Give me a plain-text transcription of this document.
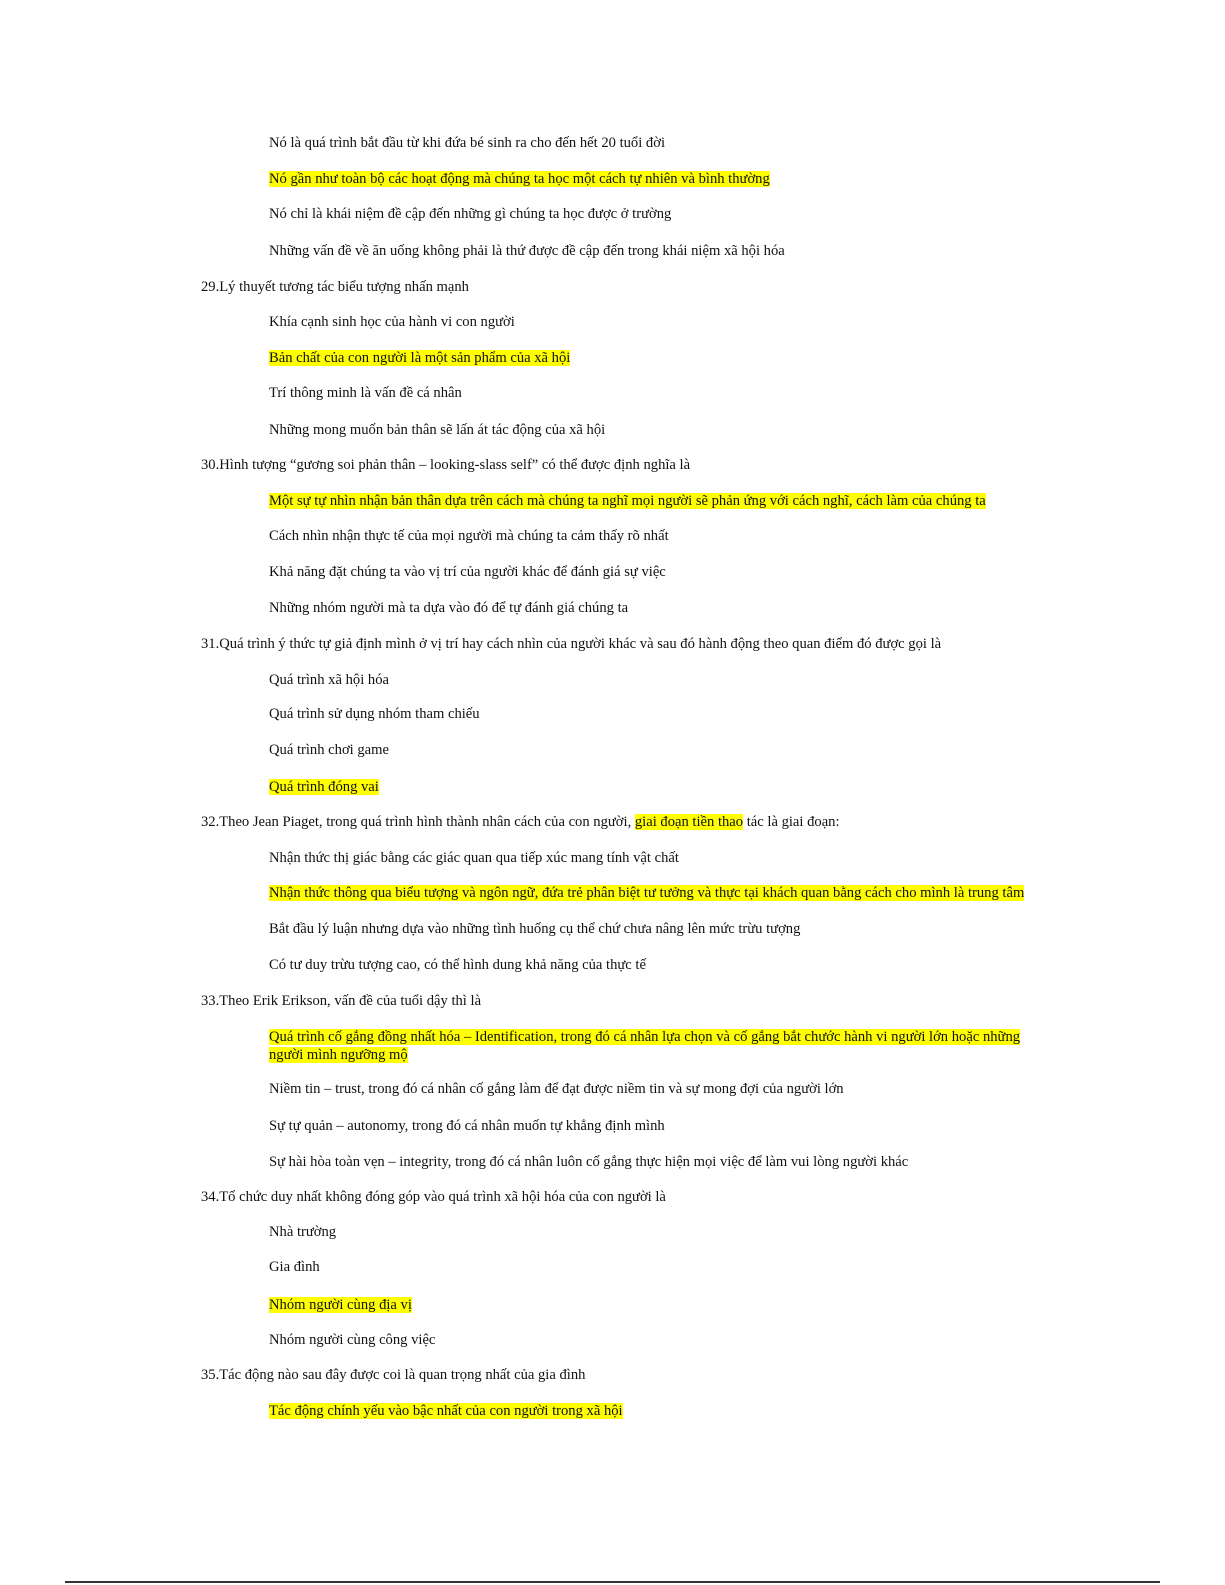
Nó là quá trình bắt đầu từ khi đứa bé sinh ra cho đến hết 20 tuổi đời
Nó gần như toàn bộ các hoạt động mà chúng ta học một cách tự nhiên và bình thường
Nó chỉ là khái niệm đề cập đến những gì chúng ta học được ở trường
Những vấn đề về ăn uống không phải là thứ được đề cập đến trong khái niệm xã hội hóa
29.Lý thuyết tương tác biểu tượng nhấn mạnh
Khía cạnh sinh học của hành vi con người
Bản chất của con người là một sản phẩm của xã hội
Trí thông minh là vấn đề cá nhân
Những mong muốn bản thân sẽ lấn át tác động của xã hội
30.Hình tượng “gương soi phản thân – looking-slass self” có thể được định nghĩa là
Một sự tự nhìn nhận bản thân dựa trên cách mà chúng ta nghĩ mọi người sẽ phản ứng với cách nghĩ, cách làm của chúng ta
Cách nhìn nhận thực tế của mọi người mà chúng ta cảm thấy rõ nhất
Khả năng đặt chúng ta vào vị trí của người khác để đánh giá sự việc
Những nhóm người mà ta dựa vào đó để tự đánh giá chúng ta
31.Quá trình ý thức tự giả định mình ở vị trí hay cách nhìn của người khác và sau đó hành động theo quan điểm đó được gọi là
Quá trình xã hội hóa
Quá trình sử dụng nhóm tham chiếu
Quá trình chơi game
Quá trình đóng vai
32.Theo Jean Piaget, trong quá trình hình thành nhân cách của con người, giai đoạn tiền thao tác là giai đoạn:
Nhận thức thị giác bằng các giác quan qua tiếp xúc mang tính vật chất
Nhận thức thông qua biểu tượng và ngôn ngữ, đứa trẻ phân biệt tư tưởng và thực tại khách quan bằng cách cho mình là trung tâm
Bắt đầu lý luận nhưng dựa vào những tình huống cụ thể chứ chưa nâng lên mức trừu tượng
Có tư duy trừu tượng cao, có thể hình dung khả năng của thực tế
33.Theo Erik Erikson, vấn đề của tuổi dậy thì là
Quá trình cố gắng đồng nhất hóa – Identification, trong đó cá nhân lựa chọn và cố gắng bắt chước hành vi người lớn hoặc những người mình ngưỡng mộ
Niềm tin – trust, trong đó cá nhân cố gắng làm để đạt được niềm tin và sự mong đợi của người lớn
Sự tự quản – autonomy, trong đó cá nhân muốn tự khẳng định mình
Sự hài hòa toàn vẹn – integrity, trong đó cá nhân luôn cố gắng thực hiện mọi việc để làm vui lòng người khác
34.Tổ chức duy nhất không đóng góp vào quá trình xã hội hóa của con người là
Nhà trường
Gia đình
Nhóm người cùng địa vị
Nhóm người cùng công việc
35.Tác động nào sau đây được coi là quan trọng nhất của gia đình
Tác động chính yếu vào bậc nhất của con người trong xã hội
